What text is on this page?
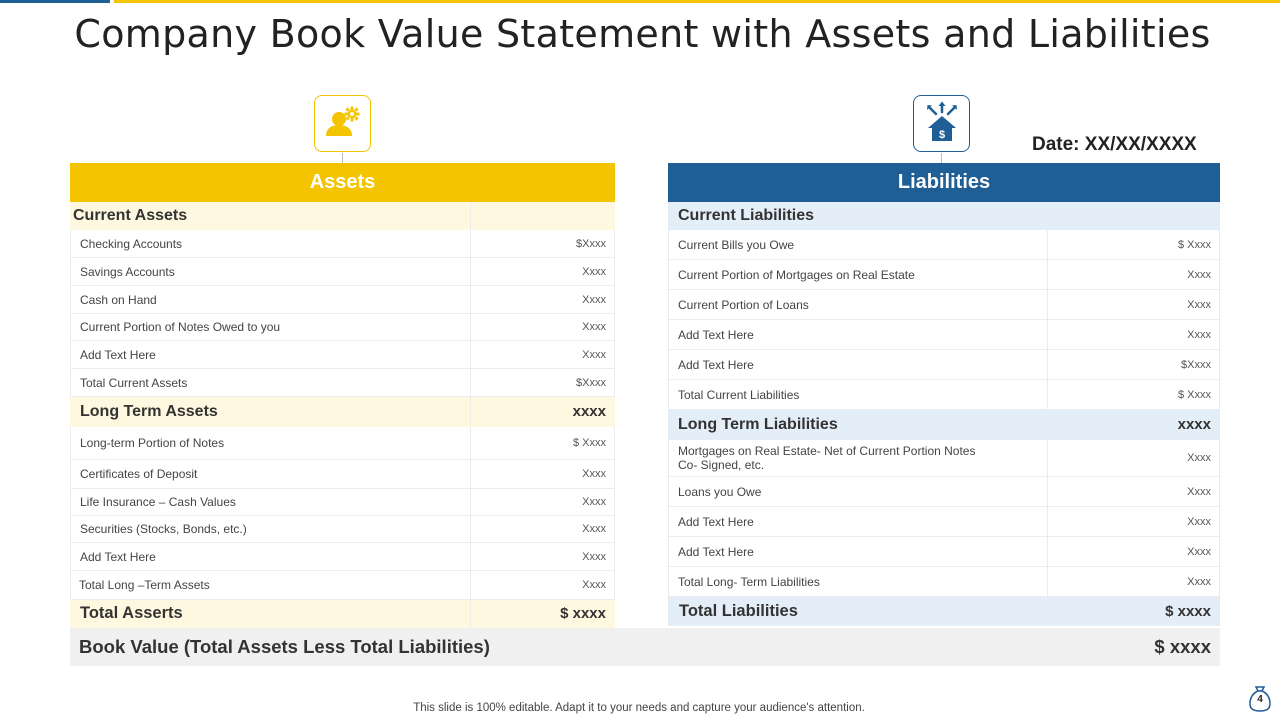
Company Book Value Statement with Assets and Liabilities
$	Date: XX/XX/XXXX
Assets
Current Assets
Checking Accounts	$Xxxx
Savings Accounts	Xxxx
Cash on Hand	Xxxx
Current Portion of Notes Owed to you	Xxxx
Add Text Here	Xxxx
Total Current Assets	$Xxxx
Long Term Assets	xxxx
Long-term Portion of Notes	$ Xxxx
Certificates of Deposit	Xxxx
Life Insurance – Cash Values	Xxxx
Securities (Stocks, Bonds, etc.)	Xxxx
Add Text Here	Xxxx
Total Long –Term Assets	Xxxx
Total Asserts	$ xxxx
Liabilities
Current Liabilities
Current Bills you Owe	$ Xxxx
Current Portion of Mortgages on Real Estate	Xxxx
Current Portion of Loans	Xxxx
Add Text Here	Xxxx
Add Text Here	$Xxxx
Total Current Liabilities	$ Xxxx
Long Term Liabilities	xxxx
Mortgages on Real Estate- Net of Current Portion Notes
Co- Signed, etc.	Xxxx
Loans you Owe	Xxxx
Add Text Here	Xxxx
Add Text Here	Xxxx
Total Long- Term Liabilities	Xxxx
Total Liabilities	$ xxxx
Book Value (Total Assets Less Total Liabilities)	$ xxxx
This slide is 100% editable. Adapt it to your needs and capture your audience's attention.
4
